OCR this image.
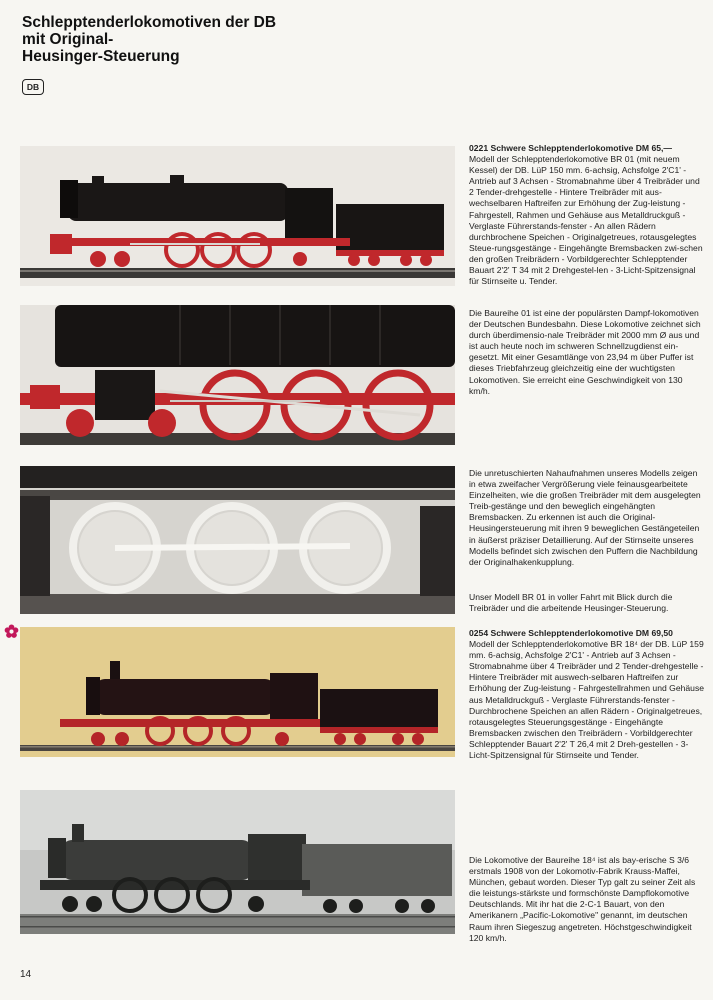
Schlepptenderlokomotiven der DB
mit Original-
Heusinger-Steuerung
DB

0221 Schwere Schlepptenderlokomotive DM 65,—

Modell der Schlepptenderlokomotive BR 01 (mit neuem Kessel) der DB. LüP 150 mm. 6-achsig, Achsfolge 2'C1' - Antrieb auf 3 Achsen - Stromabnahme über 4 Treibräder und 2 Tender-drehgestelle - Hintere Treibräder mit aus-wechselbaren Haftreifen zur Erhöhung der Zug-leistung - Fahrgestell, Rahmen und Gehäuse aus Metalldruckguß - Verglaste Führerstands-fenster - An allen Rädern durchbrochene Speichen - Originalgetreues, rotausgelegtes Steue-rungsgestänge - Eingehängte Bremsbacken zwi-schen den großen Treibrädern - Vorbildgerechter Schlepptender Bauart 2'2' T 34 mit 2 Drehgestel-len - 3-Licht-Spitzensignal für Stirnseite u. Tender.

Die Baureihe 01 ist eine der populärsten Dampf-lokomotiven der Deutschen Bundesbahn. Diese Lokomotive zeichnet sich durch überdimensio-nale Treibräder mit 2000 mm Ø aus und ist auch heute noch im schweren Schnellzugdienst ein-gesetzt. Mit einer Gesamtlänge von 23,94 m über Puffer ist dieses Triebfahrzeug gleichzeitig eine der wuchtigsten Lokomotiven. Sie erreicht eine Geschwindigkeit von 130 km/h.
Die unretuschierten Nahaufnahmen unseres Modells zeigen in etwa zweifacher Vergrößerung viele feinausgearbeitete Einzelheiten, wie die großen Treibräder mit dem ausgelegten Treib-gestänge und den beweglich eingehängten Bremsbacken. Zu erkennen ist auch die Original-Heusingersteuerung mit ihren 9 beweglichen Gestängeteilen in äußerst präziser Detaillierung. Auf der Stirnseite unseres Modells befindet sich zwischen den Puffern die Nachbildung der Originalhakenkupplung.
Unser Modell BR 01 in voller Fahrt mit Blick durch die Treibräder und die arbeitende Heusinger-Steuerung.

0254 Schwere Schlepptenderlokomotive DM 69,50

Modell der Schlepptenderlokomotive BR 18⁴ der DB. LüP 159 mm. 6-achsig, Achsfolge 2'C1' - Antrieb auf 3 Achsen - Stromabnahme über 4 Treibräder und 2 Tender-drehgestelle - Hintere Treibräder mit auswech-selbaren Haftreifen zur Erhöhung der Zug-leistung - Fahrgestellrahmen und Gehäuse aus Metalldruckguß - Verglaste Führerstands-fenster - Durchbrochene Speichen an allen Rädern - Originalgetreues, rotausgelegtes Steuerungsgestänge - Eingehängte Bremsbacken zwischen den Treibrädern - Vorbildgerechter Schlepptender Bauart 2'2' T 26,4 mit 2 Dreh-gestellen - 3-Licht-Spitzensignal für Stirnseite und Tender.

Die Lokomotive der Baureihe 18⁴ ist als bay-erische S 3/6 erstmals 1908 von der Lokomotiv-Fabrik Krauss-Maffei, München, gebaut worden. Dieser Typ galt zu seiner Zeit als die leistungs-stärkste und formschönste Dampflokomotive Deutschlands. Mit ihr hat die 2-C-1 Bauart, von den Amerikanern „Pacific-Lokomotive" genannt, im deutschen Raum ihren Siegeszug angetreten. Höchstgeschwindigkeit 120 km/h.
14
